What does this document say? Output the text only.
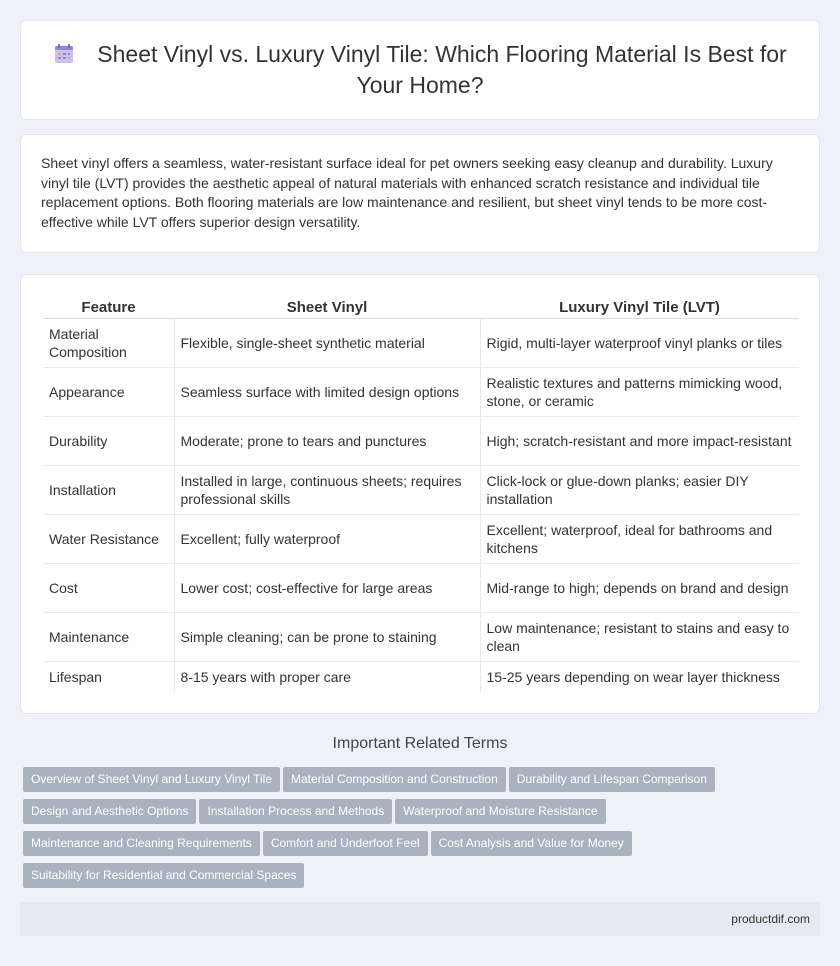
Sheet Vinyl vs. Luxury Vinyl Tile: Which Flooring Material Is Best for Your Home?

Sheet vinyl offers a seamless, water-resistant surface ideal for pet owners seeking easy cleanup and durability. Luxury vinyl tile (LVT) provides the aesthetic appeal of natural materials with enhanced scratch resistance and individual tile replacement options. Both flooring materials are low maintenance and resilient, but sheet vinyl tends to be more cost-effective while LVT offers superior design versatility.

Feature	Sheet Vinyl	Luxury Vinyl Tile (LVT)
Material Composition	Flexible, single-sheet synthetic material	Rigid, multi-layer waterproof vinyl planks or tiles
Appearance	Seamless surface with limited design options	Realistic textures and patterns mimicking wood, stone, or ceramic
Durability	Moderate; prone to tears and punctures	High; scratch-resistant and more impact-resistant
Installation	Installed in large, continuous sheets; requires professional skills	Click-lock or glue-down planks; easier DIY installation
Water Resistance	Excellent; fully waterproof	Excellent; waterproof, ideal for bathrooms and kitchens
Cost	Lower cost; cost-effective for large areas	Mid-range to high; depends on brand and design
Maintenance	Simple cleaning; can be prone to staining	Low maintenance; resistant to stains and easy to clean
Lifespan	8-15 years with proper care	15-25 years depending on wear layer thickness
Important Related Terms
Overview of Sheet Vinyl and Luxury Vinyl Tile Material Composition and Construction Durability and Lifespan Comparison
Design and Aesthetic Options Installation Process and Methods Waterproof and Moisture Resistance
Maintenance and Cleaning Requirements Comfort and Underfoot Feel Cost Analysis and Value for Money
Suitability for Residential and Commercial Spaces
productdif.com
